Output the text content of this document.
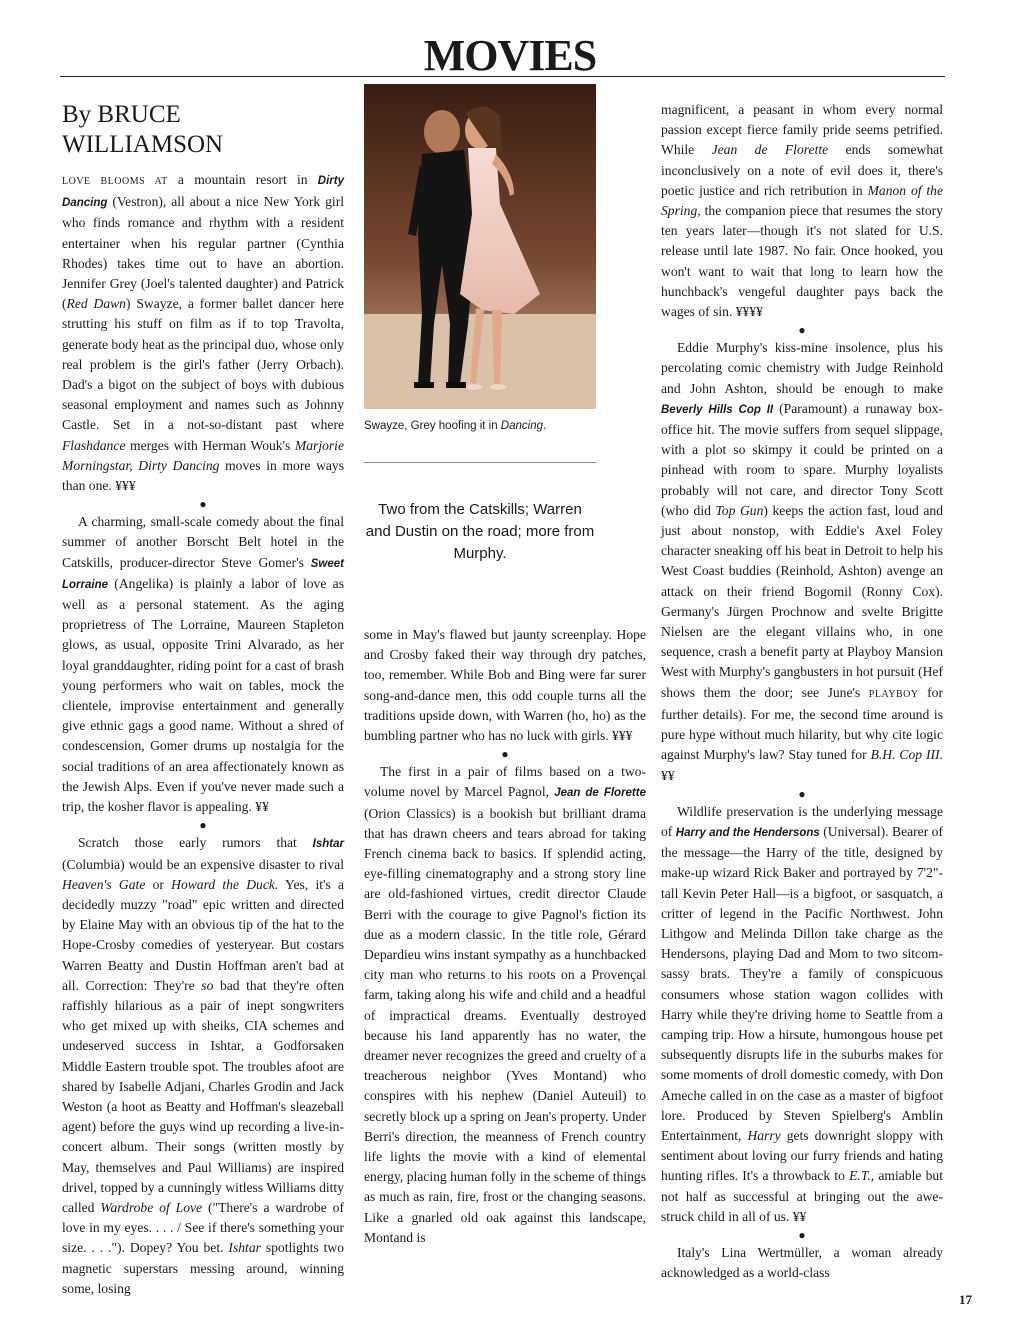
MOVIES
By BRUCE WILLIAMSON

LOVE BLOOMS AT a mountain resort in Dirty Dancing (Vestron), all about a nice New York girl who finds romance and rhythm with a resident entertainer when his regular partner (Cynthia Rhodes) takes time out to have an abortion. Jennifer Grey (Joel's talented daughter) and Patrick (Red Dawn) Swayze, a former ballet dancer here strutting his stuff on film as if to top Travolta, generate body heat as the principal duo, whose only real problem is the girl's father (Jerry Orbach). Dad's a bigot on the subject of boys with dubious seasonal employment and names such as Johnny Castle. Set in a not-so-distant past where Flashdance merges with Herman Wouk's Marjorie Morningstar, Dirty Dancing moves in more ways than one. ¥¥¥

●

A charming, small-scale comedy about the final summer of another Borscht Belt hotel in the Catskills, producer-director Steve Gomer's Sweet Lorraine (Angelika) is plainly a labor of love as well as a personal statement. As the aging proprietress of The Lorraine, Maureen Stapleton glows, as usual, opposite Trini Alvarado, as her loyal granddaughter, riding point for a cast of brash young performers who wait on tables, mock the clientele, improvise entertainment and generally give ethnic gags a good name. Without a shred of condescension, Gomer drums up nostalgia for the social traditions of an area affectionately known as the Jewish Alps. Even if you've never made such a trip, the kosher flavor is appealing. ¥¥

●

Scratch those early rumors that Ishtar (Columbia) would be an expensive disaster to rival Heaven's Gate or Howard the Duck. Yes, it's a decidedly muzzy "road" epic written and directed by Elaine May with an obvious tip of the hat to the Hope-Crosby comedies of yesteryear. But costars Warren Beatty and Dustin Hoffman aren't bad at all. Correction: They're so bad that they're often raffishly hilarious as a pair of inept songwriters who get mixed up with sheiks, CIA schemes and undeserved success in Ishtar, a Godforsaken Middle Eastern trouble spot. The troubles afoot are shared by Isabelle Adjani, Charles Grodin and Jack Weston (a hoot as Beatty and Hoffman's sleazeball agent) before the guys wind up recording a live-in-concert album. Their songs (written mostly by May, themselves and Paul Williams) are inspired drivel, topped by a cunningly witless Williams ditty called Wardrobe of Love ("There's a wardrobe of love in my eyes. . . . / See if there's something your size. . . ."). Dopey? You bet. Ishtar spotlights two magnetic superstars messing around, winning some, losing

Swayze, Grey hoofing it in Dancing.
Two from the Catskills; Warren and Dustin on the road; more from Murphy.

some in May's flawed but jaunty screenplay. Hope and Crosby faked their way through dry patches, too, remember. While Bob and Bing were far surer song-and-dance men, this odd couple turns all the traditions upside down, with Warren (ho, ho) as the bumbling partner who has no luck with girls. ¥¥¥

●

The first in a pair of films based on a two-volume novel by Marcel Pagnol, Jean de Florette (Orion Classics) is a bookish but brilliant drama that has drawn cheers and tears abroad for taking French cinema back to basics. If splendid acting, eye-filling cinematography and a strong story line are old-fashioned virtues, credit director Claude Berri with the courage to give Pagnol's fiction its due as a modern classic. In the title role, Gérard Depardieu wins instant sympathy as a hunchbacked city man who returns to his roots on a Provençal farm, taking along his wife and child and a headful of impractical dreams. Eventually destroyed because his land apparently has no water, the dreamer never recognizes the greed and cruelty of a treacherous neighbor (Yves Montand) who conspires with his nephew (Daniel Auteuil) to secretly block up a spring on Jean's property. Under Berri's direction, the meanness of French country life lights the movie with a kind of elemental energy, placing human folly in the scheme of things as much as rain, fire, frost or the changing seasons. Like a gnarled old oak against this landscape, Montand is

magnificent, a peasant in whom every normal passion except fierce family pride seems petrified. While Jean de Florette ends somewhat inconclusively on a note of evil does it, there's poetic justice and rich retribution in Manon of the Spring, the companion piece that resumes the story ten years later—though it's not slated for U.S. release until late 1987. No fair. Once hooked, you won't want to wait that long to learn how the hunchback's vengeful daughter pays back the wages of sin. ¥¥¥¥

●

Eddie Murphy's kiss-mine insolence, plus his percolating comic chemistry with Judge Reinhold and John Ashton, should be enough to make Beverly Hills Cop II (Paramount) a runaway box-office hit. The movie suffers from sequel slippage, with a plot so skimpy it could be printed on a pinhead with room to spare. Murphy loyalists probably will not care, and director Tony Scott (who did Top Gun) keeps the action fast, loud and just about nonstop, with Eddie's Axel Foley character sneaking off his beat in Detroit to help his West Coast buddies (Reinhold, Ashton) avenge an attack on their friend Bogomil (Ronny Cox). Germany's Jürgen Prochnow and svelte Brigitte Nielsen are the elegant villains who, in one sequence, crash a benefit party at Playboy Mansion West with Murphy's gangbusters in hot pursuit (Hef shows them the door; see June's PLAYBOY for further details). For me, the second time around is pure hype without much hilarity, but why cite logic against Murphy's law? Stay tuned for B.H. Cop III. ¥¥

●

Wildlife preservation is the underlying message of Harry and the Hendersons (Universal). Bearer of the message—the Harry of the title, designed by make-up wizard Rick Baker and portrayed by 7'2"-tall Kevin Peter Hall—is a bigfoot, or sasquatch, a critter of legend in the Pacific Northwest. John Lithgow and Melinda Dillon take charge as the Hendersons, playing Dad and Mom to two sitcom-sassy brats. They're a family of conspicuous consumers whose station wagon collides with Harry while they're driving home to Seattle from a camping trip. How a hirsute, humongous house pet subsequently disrupts life in the suburbs makes for some moments of droll domestic comedy, with Don Ameche called in on the case as a master of bigfoot lore. Produced by Steven Spielberg's Amblin Entertainment, Harry gets downright sloppy with sentiment about loving our furry friends and hating hunting rifles. It's a throwback to E.T., amiable but not half as successful at bringing out the awe-struck child in all of us. ¥¥

●

Italy's Lina Wertmüller, a woman already acknowledged as a world-class

17
